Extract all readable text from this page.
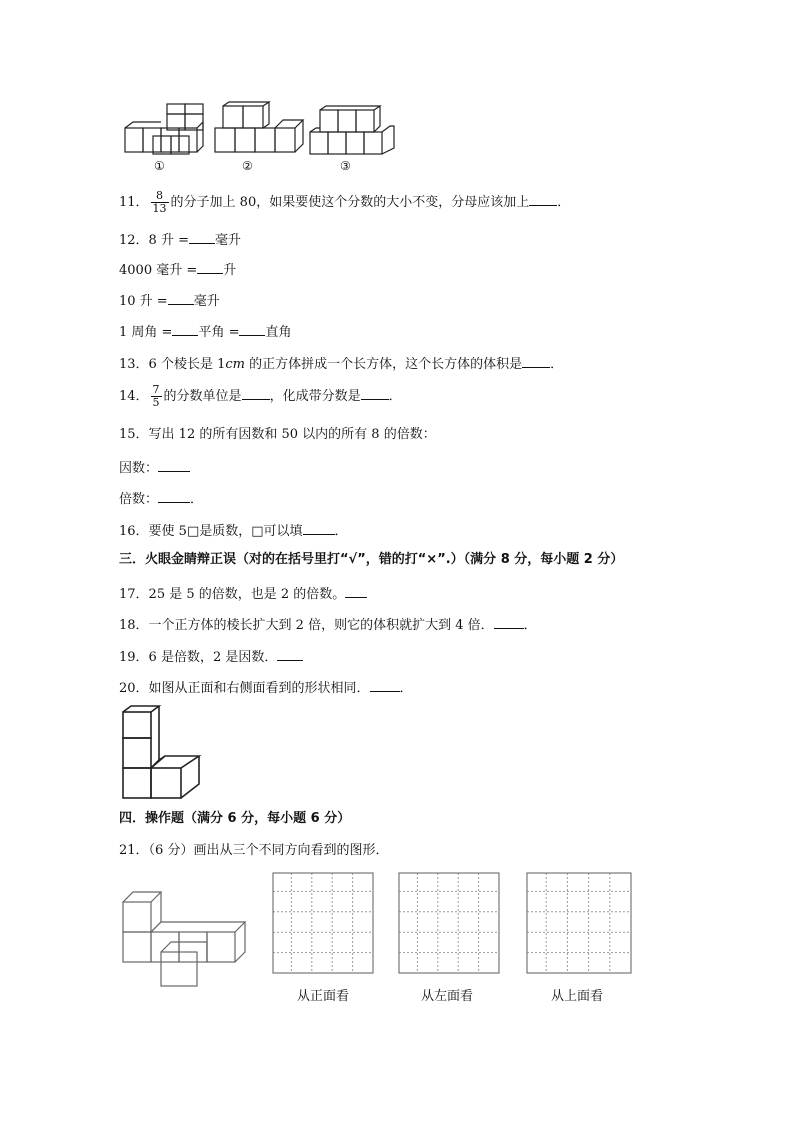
①	②	③
11． $\frac{8}{13}$ 的分子加上 80，如果要使这个分数的大小不变，分母应该加上 ．
12．8 升 = 毫升
4000 毫升 = 升
10 升 = 毫升
1 周角 = 平角 = 直角
13．6 个棱长是 1cm 的正方体拼成一个长方体，这个长方体的体积是 ．
14． $\frac{7}{5}$ 的分数单位是 ，化成带分数是 ．
15．写出 12 的所有因数和 50 以内的所有 8 的倍数：
因数：
倍数： ．
16．要使 5□是质数，□可以填 ．
三．火眼金睛辩正误（对的在括号里打“√”，错的打“×”.）（满分 8 分，每小题 2 分）
17．25 是 5 的倍数，也是 2 的倍数。
18．一个正方体的棱长扩大到 2 倍，则它的体积就扩大到 4 倍． ．
19．6 是倍数，2 是因数．
20．如图从正面和右侧面看到的形状相同． ．
四．操作题（满分 6 分，每小题 6 分）
21．（6 分）画出从三个不同方向看到的图形．
从正面看	从左面看	从上面看
